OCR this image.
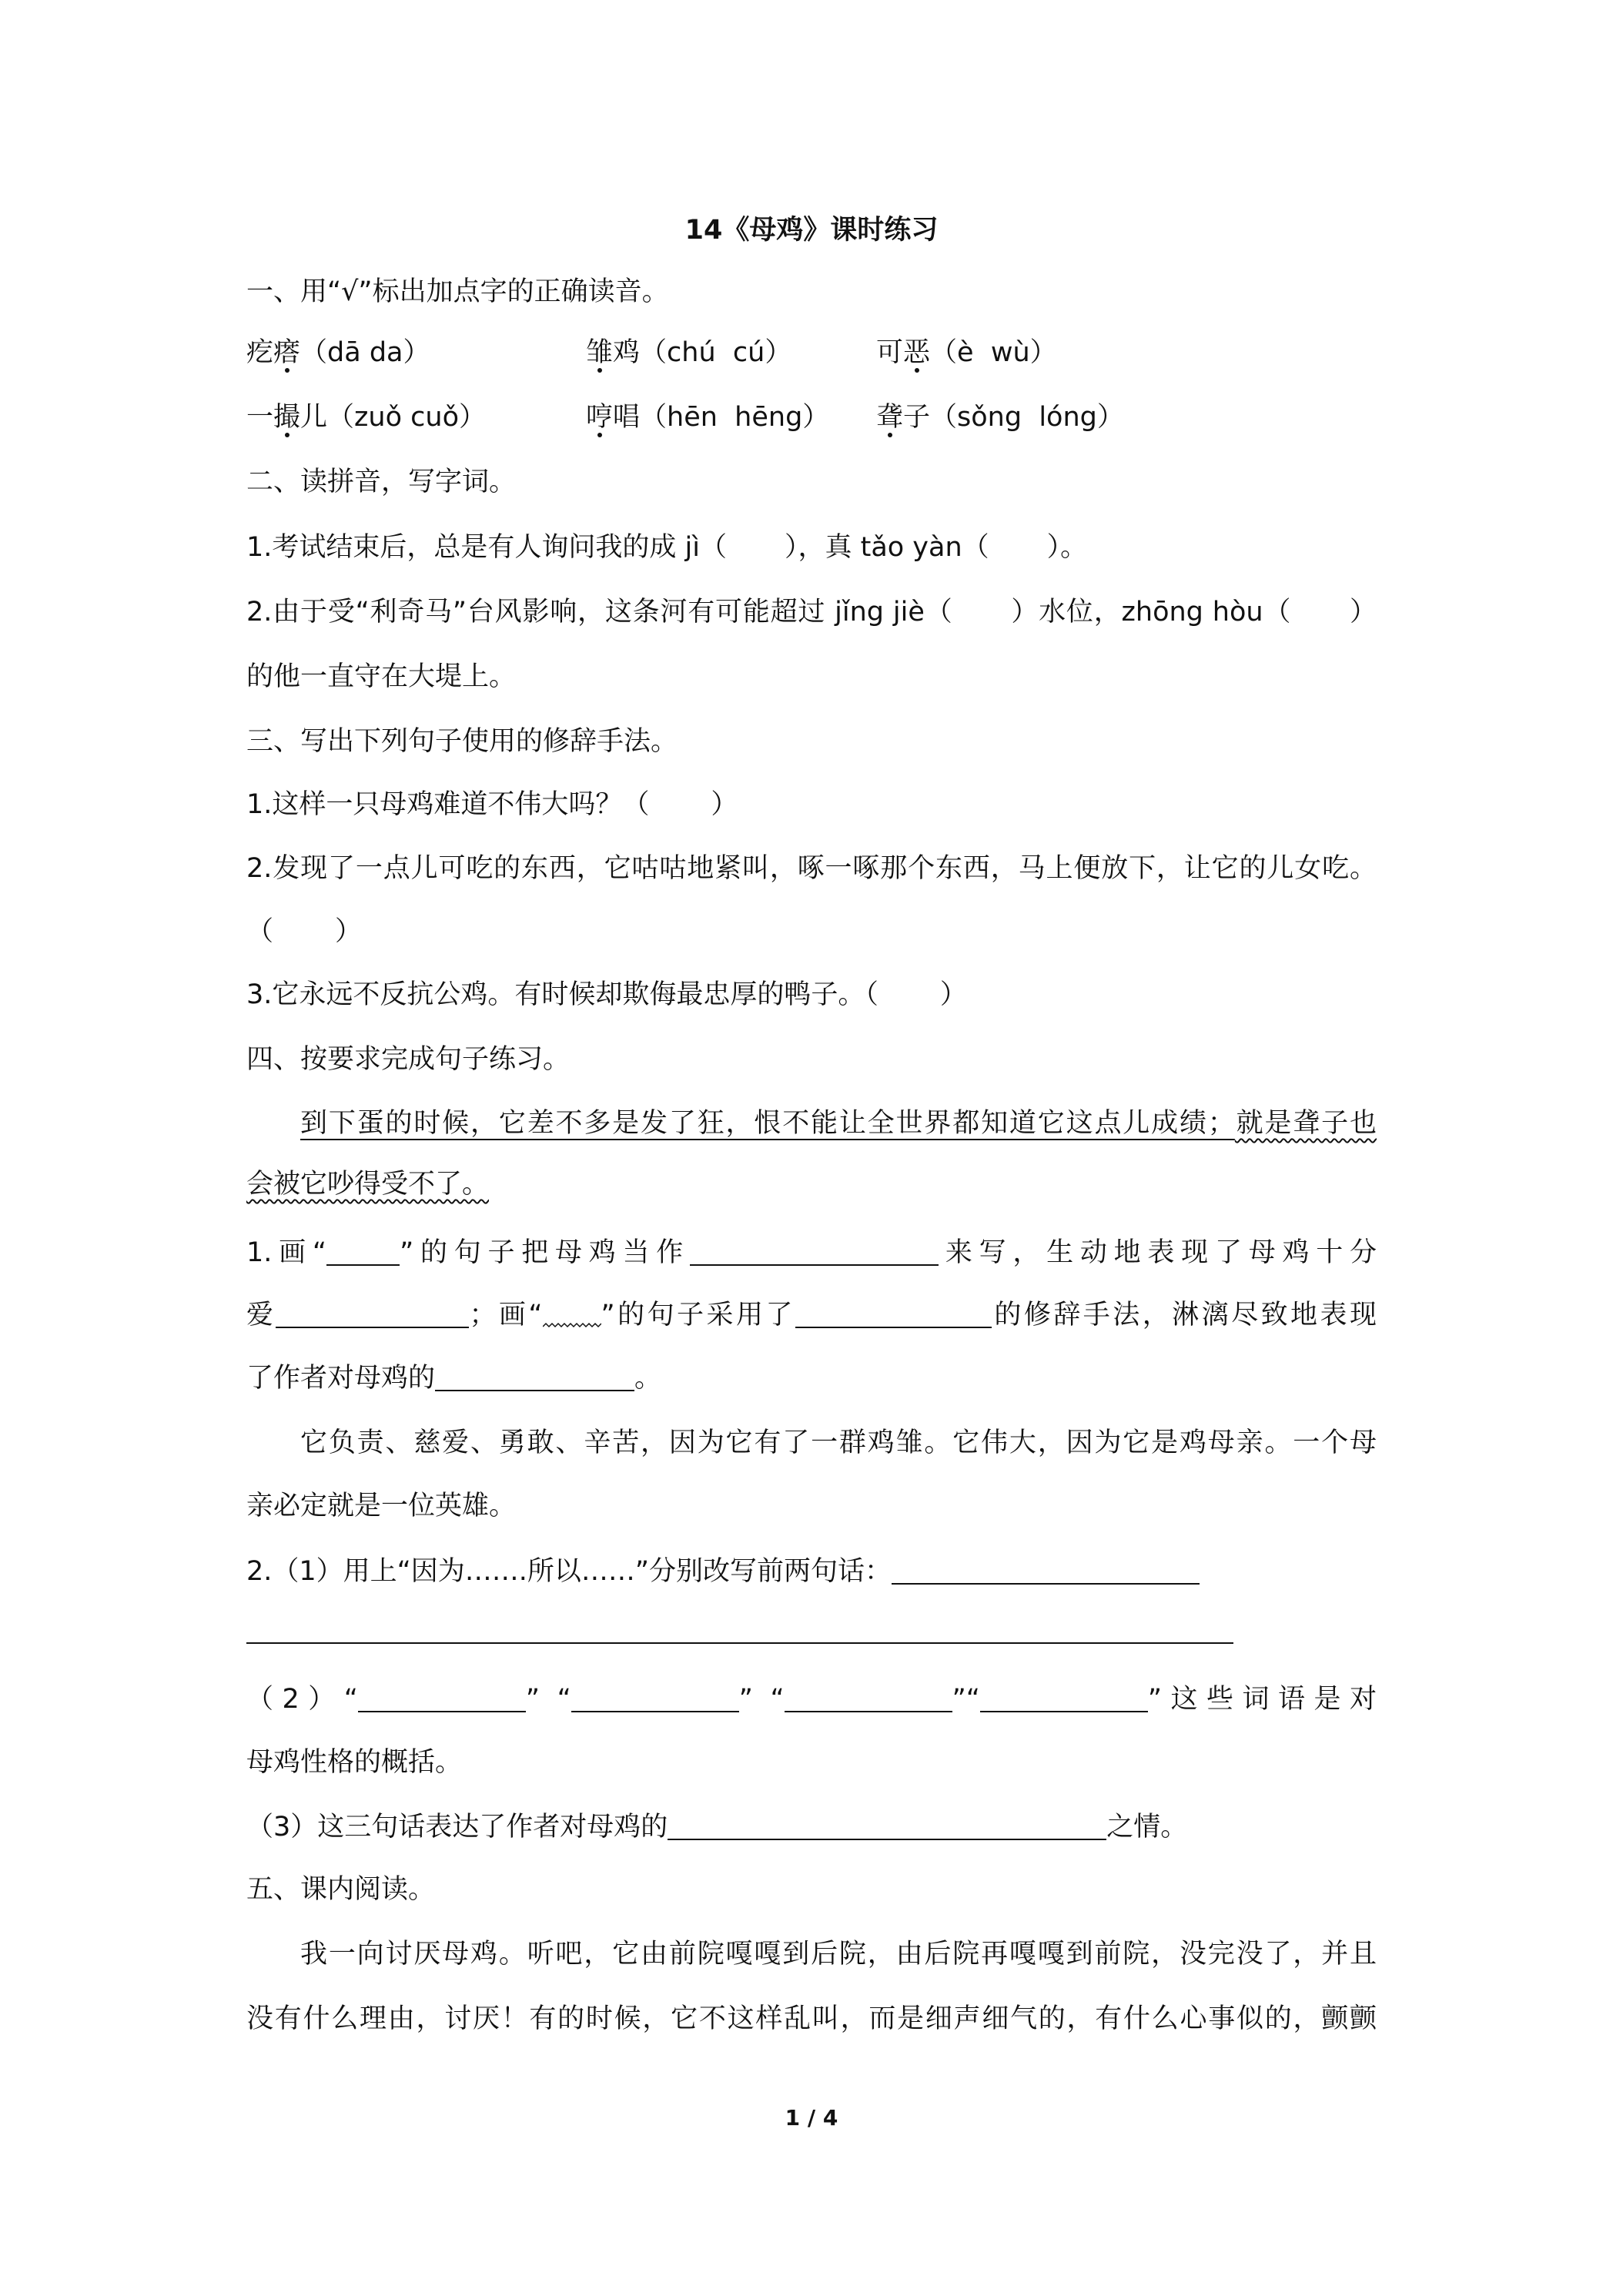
14《母鸡》课时练习
一、用“√”标出加点字的正确读音。
疙瘩（dā da）	雏鸡（chú  cú）	可恶（è  wù）
一撮儿（zuǒ cuǒ）	哼唱（hēn  hēng） 聋子（sǒng  lóng）
二、读拼音，写字词。
1.考试结束后，总是有人询问我的成 jì（ ），真 tǎo yàn（ ）。
2.由于受“利奇马”台风影响，这条河有可能超过 jǐng jiè（ ）水位，zhōng hòu（ ）
的他一直守在大堤上。
三、写出下列句子使用的修辞手法。
1.这样一只母鸡难道不伟大吗？（ ）
2.发现了一点儿可吃的东西，它咕咕地紧叫，啄一啄那个东西，马上便放下，让它的儿女吃。
（ ）
3.它永远不反抗公鸡。有时候却欺侮最忠厚的鸭子。（ ）
四、按要求完成句子练习。
到下蛋的时候，它差不多是发了狂，恨不能让全世界都知道它这点儿成绩；就是聋子也
会被它吵得受不了。
1.画“	”的句子把母鸡当作	来写，生动地表现了母鸡十分
爱	；画“ ”的句子采用了	的修辞手法，淋漓尽致地表现
了作者对母鸡的	。
它负责、慈爱、勇敢、辛苦，因为它有了一群鸡雏。它伟大，因为它是鸡母亲。一个母
亲必定就是一位英雄。
2.（1）用上“因为…….所以……”分别改写前两句话：
（2）“	” “	” “	”“	”这些词语是对
母鸡性格的概括。
（3）这三句话表达了作者对母鸡的	之情。
五、课内阅读。
我一向讨厌母鸡。听吧，它由前院嘎嘎到后院，由后院再嘎嘎到前院，没完没了，并且
没有什么理由，讨厌！有的时候，它不这样乱叫，而是细声细气的，有什么心事似的，颤颤
1 / 4
